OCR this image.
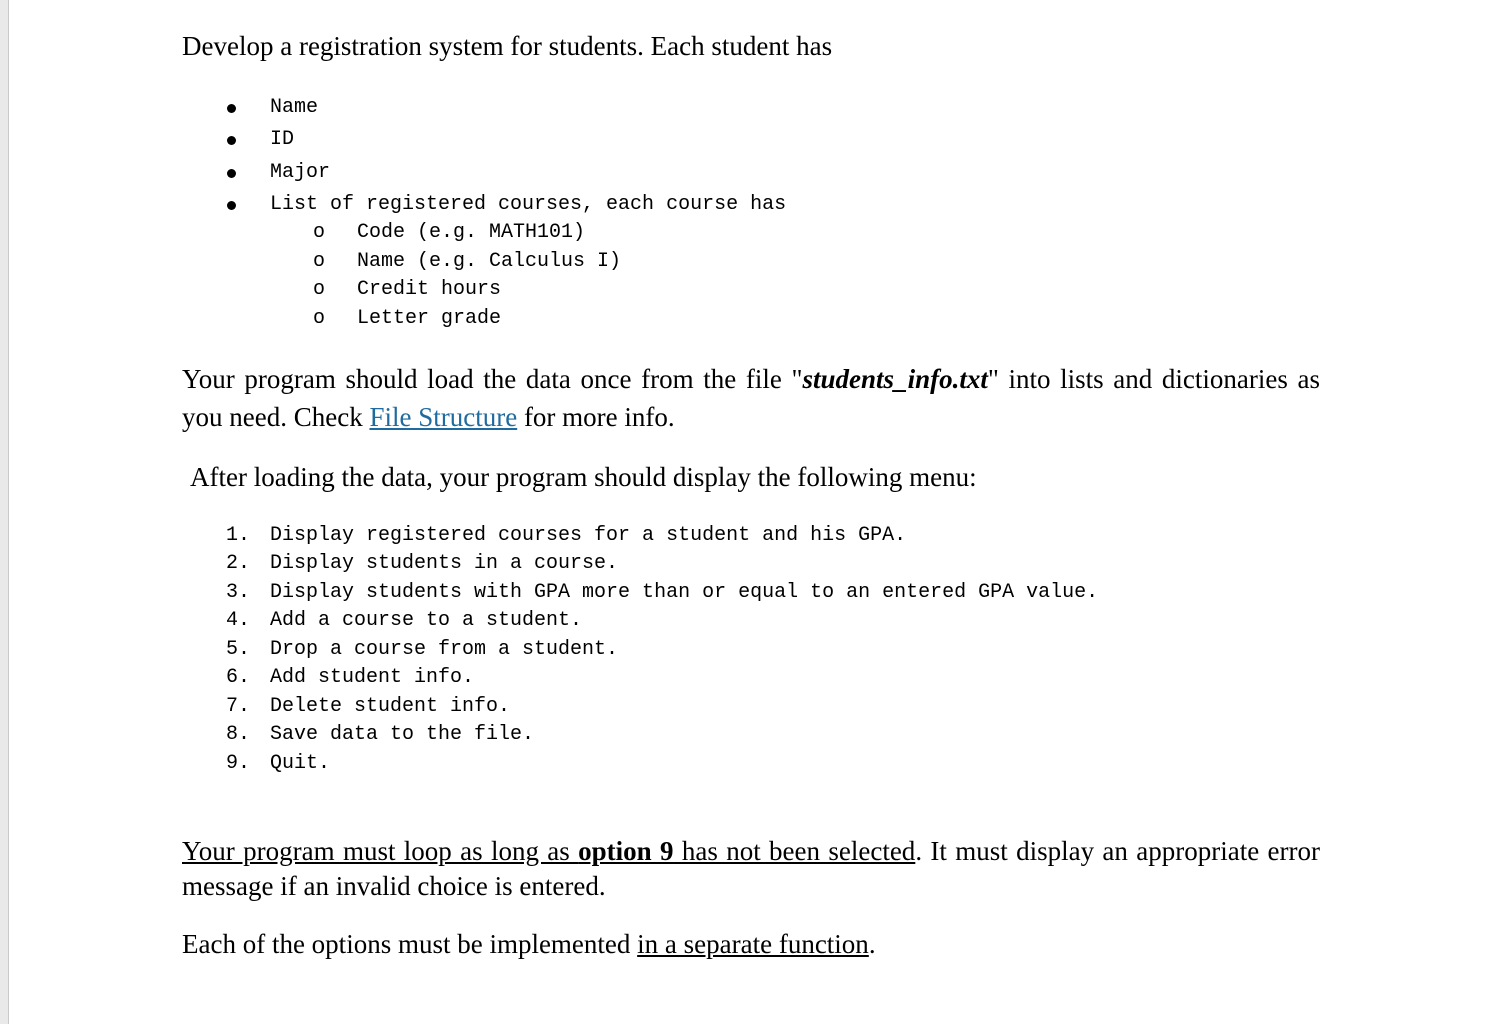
Develop a registration system for students. Each student has
Name
ID
Major
List of registered courses, each course has
o Code (e.g. MATH101)
o Name (e.g. Calculus I)
o Credit hours
o Letter grade
Your program should load the data once from the file "students_info.txt" into lists and dictionaries as you need. Check File Structure for more info.
After loading the data, your program should display the following menu:
1. Display registered courses for a student and his GPA.
2. Display students in a course.
3. Display students with GPA more than or equal to an entered GPA value.
4. Add a course to a student.
5. Drop a course from a student.
6. Add student info.
7. Delete student info.
8. Save data to the file.
9. Quit.
Your program must loop as long as option 9 has not been selected. It must display an appropriate error message if an invalid choice is entered.
Each of the options must be implemented in a separate function.
